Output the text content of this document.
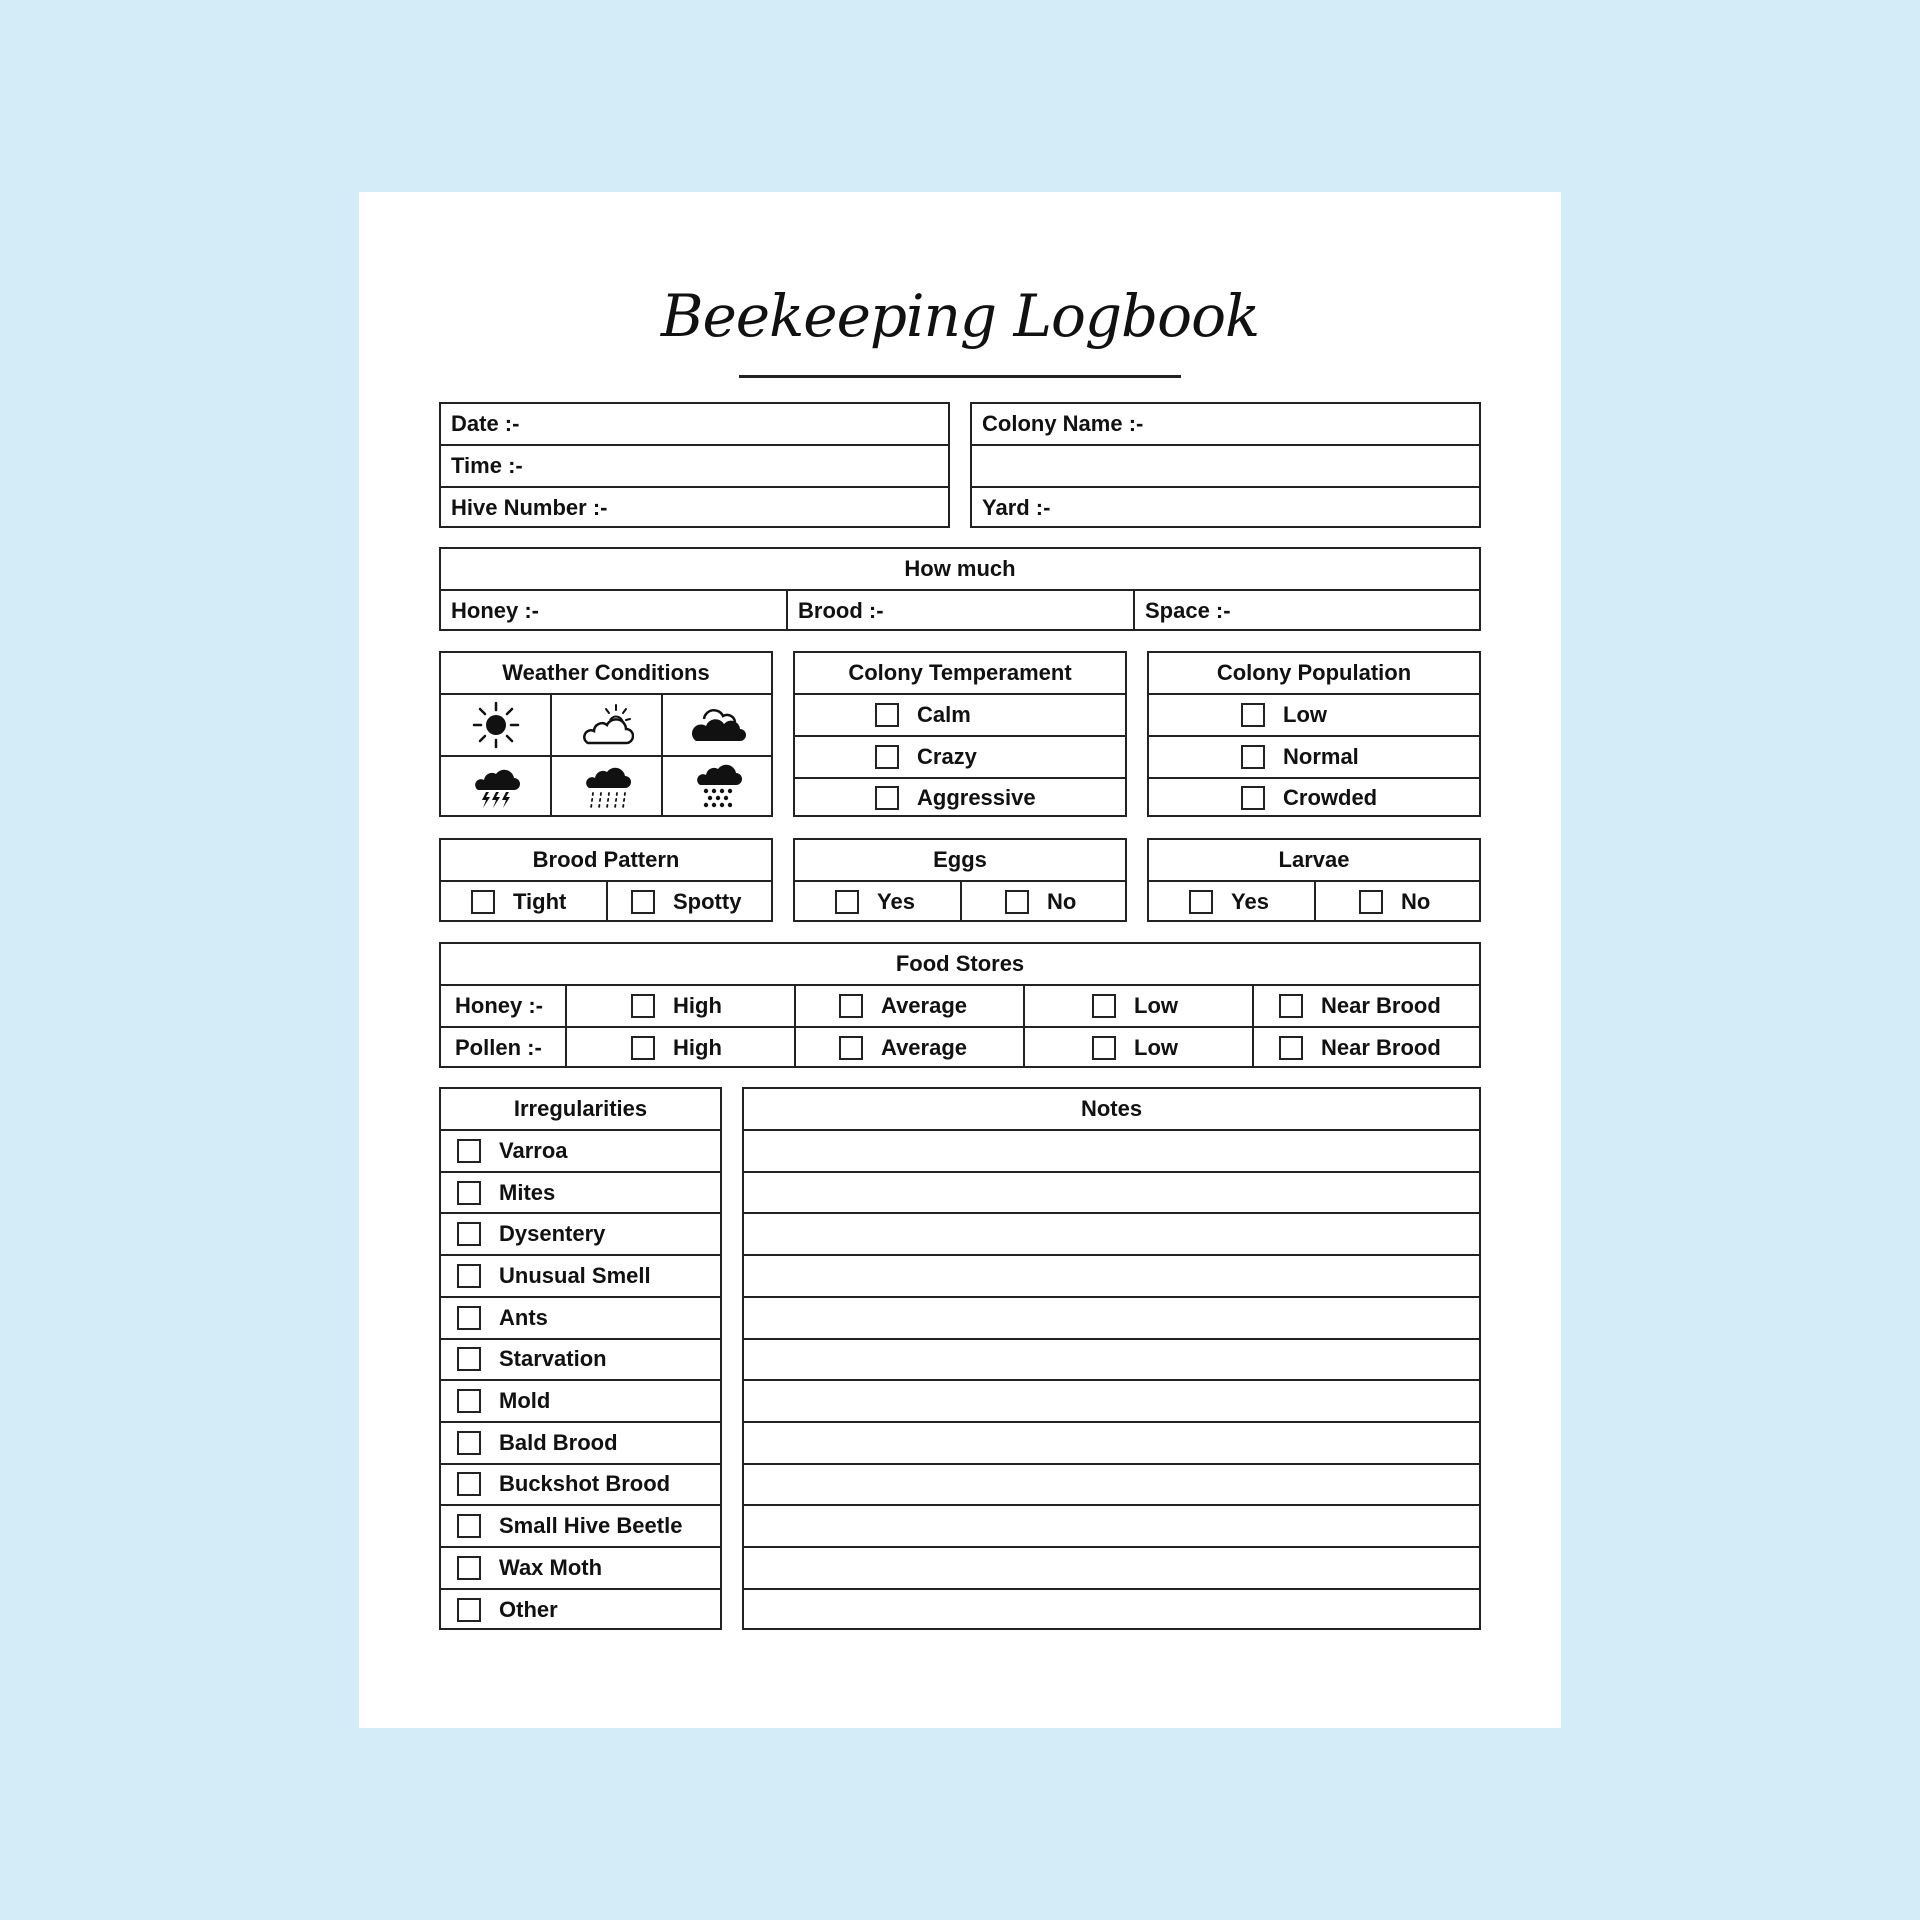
Beekeeping Logbook
Date :-
Time :-
Hive Number :-
Colony Name :-
Yard :-
How much
Honey :-	Brood :-	Space :-
Weather Conditions	Colony Temperament
Calm
Crazy
Aggressive
Colony Population
Low
Normal
Crowded
Brood Pattern
Tight	Spotty
Eggs
Yes	No
Larvae
Yes	No
Food Stores
Honey :-	High	Average	Low	Near Brood
Pollen :-	High	Average	Low	Near Brood
Irregularities
Varroa
Mites
Dysentery
Unusual Smell
Ants
Starvation
Mold
Bald Brood
Buckshot Brood
Small Hive Beetle
Wax Moth
Other
Notes
